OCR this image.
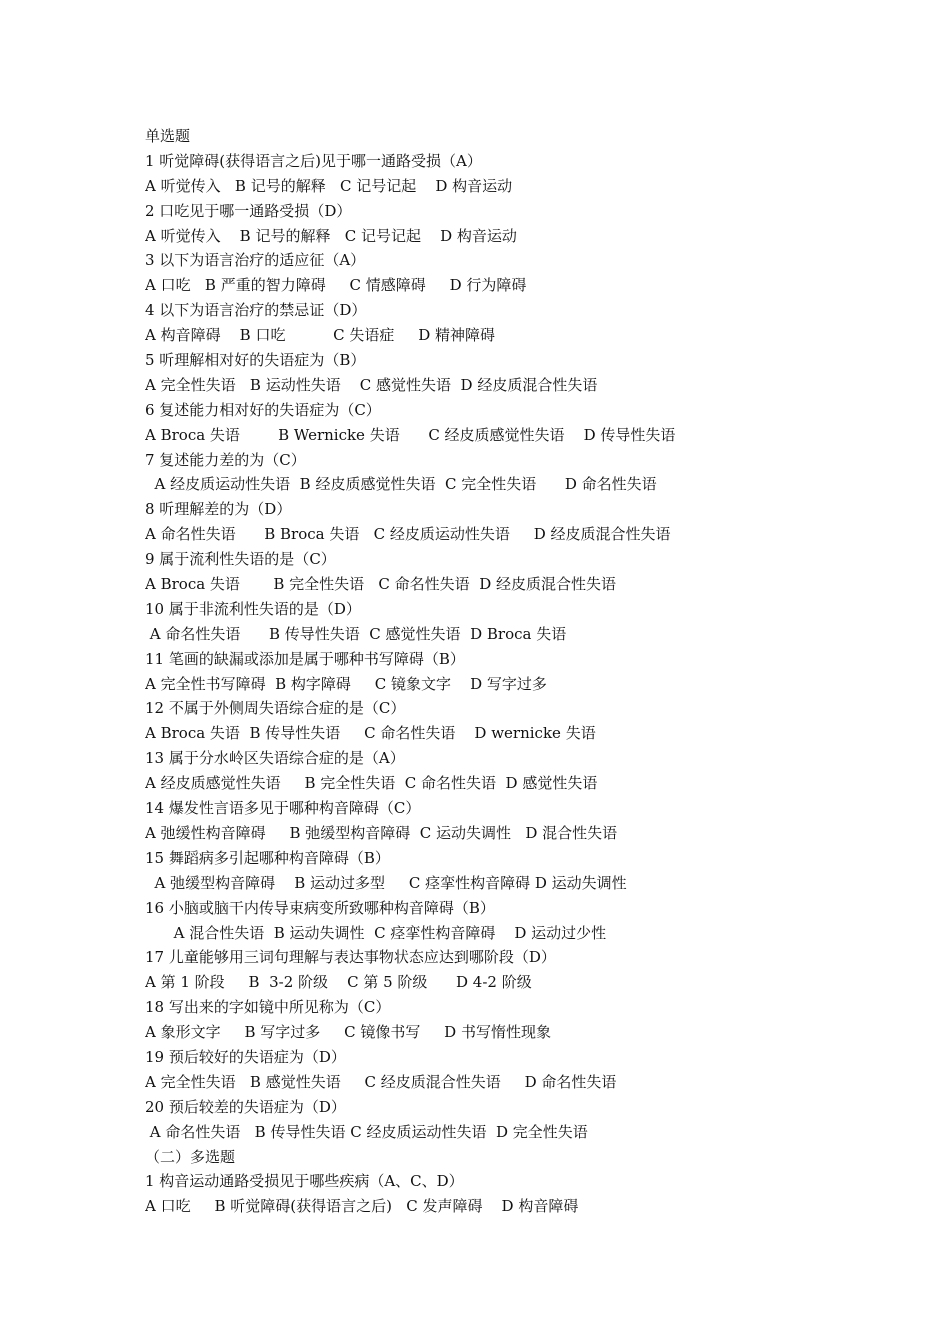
单选题
1 听觉障碍(获得语言之后)见于哪一通路受损（A）
A 听觉传入   B 记号的解释   C 记号记起    D 构音运动
2 口吃见于哪一通路受损（D）
A 听觉传入    B 记号的解释   C 记号记起    D 构音运动
3 以下为语言治疗的适应征（A）
A 口吃   B 严重的智力障碍     C 情感障碍     D 行为障碍
4 以下为语言治疗的禁忌证（D）
A 构音障碍    B 口吃          C 失语症     D 精神障碍
5 听理解相对好的失语症为（B）
A 完全性失语   B 运动性失语    C 感觉性失语  D 经皮质混合性失语
6 复述能力相对好的失语症为（C）
A Broca 失语        B Wernicke 失语      C 经皮质感觉性失语    D 传导性失语
7 复述能力差的为（C）
A 经皮质运动性失语  B 经皮质感觉性失语  C 完全性失语      D 命名性失语
8 听理解差的为（D）
A 命名性失语      B Broca 失语   C 经皮质运动性失语     D 经皮质混合性失语
9 属于流利性失语的是（C）
A Broca 失语       B 完全性失语   C 命名性失语  D 经皮质混合性失语
10 属于非流利性失语的是（D）
A 命名性失语      B 传导性失语  C 感觉性失语  D Broca 失语
11 笔画的缺漏或添加是属于哪种书写障碍（B）
A 完全性书写障碍  B 构字障碍     C 镜象文字    D 写字过多
12 不属于外侧周失语综合症的是（C）
A Broca 失语  B 传导性失语     C 命名性失语    D wernicke 失语
13 属于分水岭区失语综合症的是（A）
A 经皮质感觉性失语     B 完全性失语  C 命名性失语  D 感觉性失语
14 爆发性言语多见于哪种构音障碍（C）
A 弛缓性构音障碍     B 弛缓型构音障碍  C 运动失调性   D 混合性失语
15 舞蹈病多引起哪种构音障碍（B）
A 弛缓型构音障碍    B 运动过多型     C 痉挛性构音障碍 D 运动失调性
16 小脑或脑干内传导束病变所致哪种构音障碍（B）
A 混合性失语  B 运动失调性  C 痉挛性构音障碍    D 运动过少性
17 儿童能够用三词句理解与表达事物状态应达到哪阶段（D）
A 第 1 阶段     B  3-2 阶级    C 第 5 阶级      D 4-2 阶级
18 写出来的字如镜中所见称为（C）
A 象形文字     B 写字过多     C 镜像书写     D 书写惰性现象
19 预后较好的失语症为（D）
A 完全性失语   B 感觉性失语     C 经皮质混合性失语     D 命名性失语
20 预后较差的失语症为（D）
A 命名性失语   B 传导性失语 C 经皮质运动性失语  D 完全性失语
（二）多选题
1 构音运动通路受损见于哪些疾病（A、C、D）
A 口吃     B 听觉障碍(获得语言之后)   C 发声障碍    D 构音障碍
